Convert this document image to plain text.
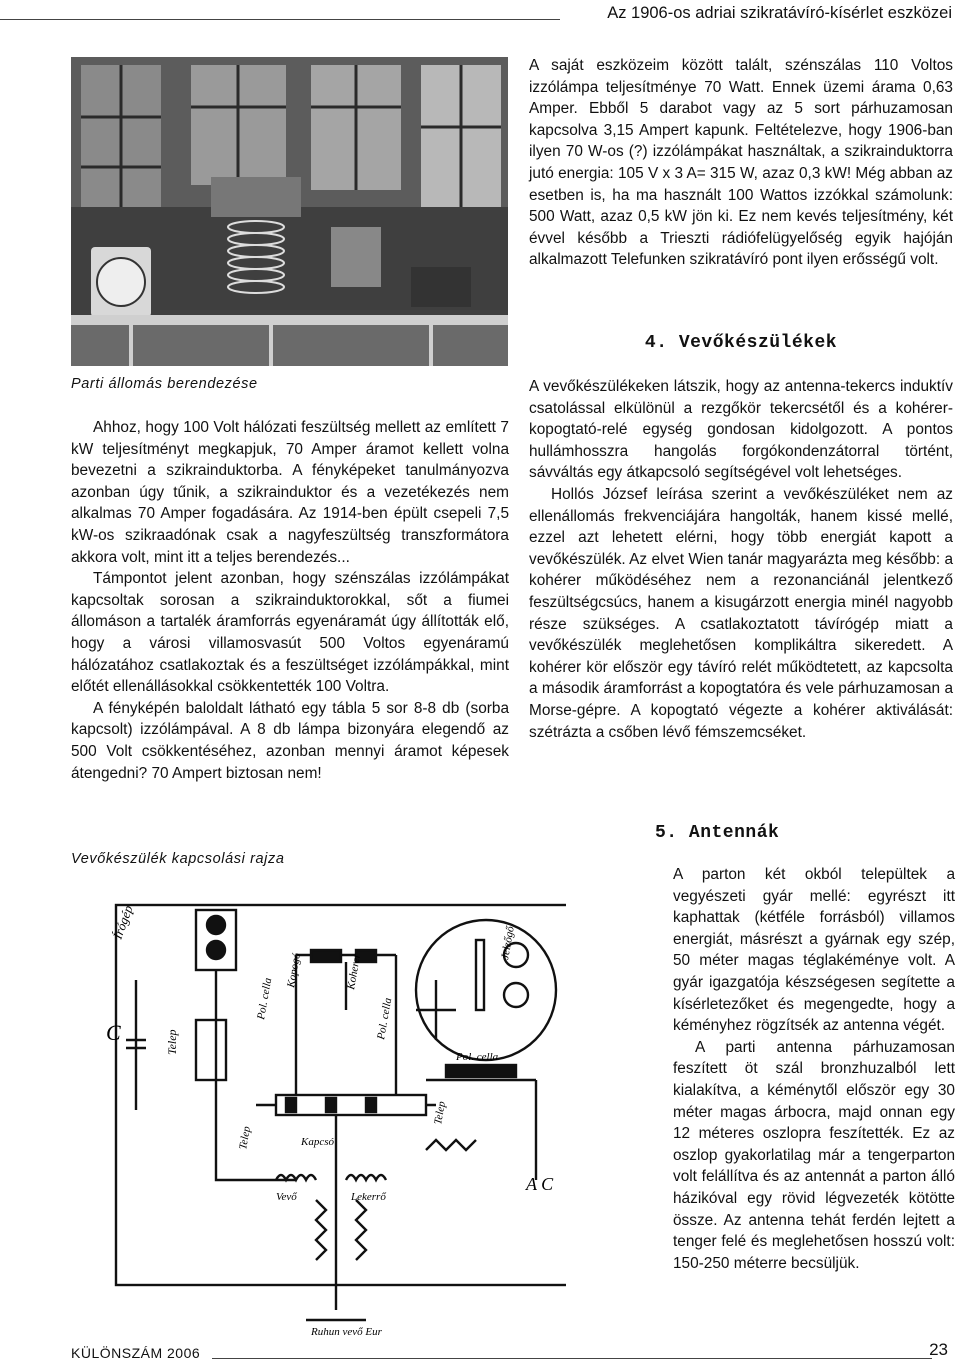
Az 1906-os adriai szikratávíró-kísérlet eszközei
Parti állomás berendezése

A saját eszközeim között talált, szénszálas 110 Voltos izzólámpa teljesítménye 70 Watt. Ennek üzemi árama 0,63 Amper. Ebből 5 darabot vagy az 5 sort párhuzamosan kapcsolva 3,15 Ampert kapunk. Feltételezve, hogy 1906-ban ilyen 70 W-os (?) izzólámpákat használtak, a szikrainduktorra jutó energia: 105 V x 3 A= 315 W, azaz 0,3 kW! Még abban az esetben is, ha ma használt 100 Wattos izzókkal számolunk: 500 Watt, azaz 0,5 kW jön ki. Ez nem kevés teljesítmény, két évvel később a Trieszti rádiófelügyelőség egyik hajóján alkalmazott Telefunken szikratávíró pont ilyen erősségű volt.

Ahhoz, hogy 100 Volt hálózati feszültség mellett az említett 7 kW teljesítményt megkapjuk, 70 Amper áramot kellett volna bevezetni a szikrainduktorba. A fényképeket tanulmányozva azonban úgy tűnik, a szikrainduktor és a vezetékezés nem alkalmas 70 Amper fogadására. Az 1914-ben épült csepeli 7,5 kW-os szikraadónak csak a nagyfeszültség transzformátora akkora volt, mint itt a teljes berendezés...

Támpontot jelent azonban, hogy szénszálas izzólámpákat kapcsoltak sorosan a szikrainduktorokkal, sőt a fiumei állomáson a tartalék áramforrás egyenáramát úgy állították elő, hogy a városi villamosvasút 500 Voltos egyenáramú hálózatához csatlakoztak és a feszültséget izzólámpákkal, mint előtét ellenállásokkal csökkentették 100 Voltra.

A fényképén baloldalt látható egy tábla 5 sor 8-8 db (sorba kapcsolt) izzólámpával. A 8 db lámpa bizonyára elegendő az 500 Volt csökkentéséhez, azonban mennyi áramot képesek átengedni? 70 Ampert biztosan nem!

4. Vevőkészülékek

A vevőkészülékeken látszik, hogy az antenna-tekercs induktív csatolással elkülönül a rezgőkör tekercsétől és a kohérer-kopogtató-relé egység gondosan kidolgozott. A pontos hullámhosszra hangolás forgókondenzátorral történt, sávváltás egy átkapcsoló segítségével volt lehetséges.

Hollós József leírása szerint a vevőkészüléket nem az ellenállomás frekvenciájára hangolták, hanem kissé mellé, ezzel azt lehetett elérni, hogy több energiát kapott a vevőkészülék. Az elvet Wien tanár magyarázta meg később: a kohérer működéséhez nem a rezonanciánál jelentkező feszültségcsúcs, hanem a kisugárzott energia minél nagyobb része szükséges. A csatlakoztatott távírógép miatt a vevőkészülék meglehetősen komplikáltra sikeredett. A kohérer kör először egy távíró relét működtetett, az kapcsolta a második áramforrást a kopogtatóra és vele párhuzamosan a Morse-gépre. A kopogtató végezte a kohérer aktiválását: szétrázta a csőben lévő fémszemcséket.

Vevőkészülék kapcsolási rajza
Írógép
C	Telep
Kopogó
Pol. cella
Koherer
Pol. cella
Pol. cella
Jelzőgő
Telep
Telep
Vevő	Lekerrő
Kapcsó
A C
Ruhun vevő Eur
5. Antennák

A parton két okból települtek a vegyészeti gyár mellé: egyrészt itt kaphattak (kétféle forrásból) villamos energiát, másrészt a gyárnak egy szép, 50 méter magas téglakéménye volt. A gyár igazgatója készségesen segítette a kísérletezőket és megengedte, hogy a kéményhez rögzítsék az antenna végét.

A parti antenna párhuzamosan feszített öt szál bronzhuzalból lett kialakítva, a kéménytől először egy 30 méter magas árbocra, majd onnan egy 12 méteres oszlopra feszítették. Ez az oszlop gyakorlatilag már a tengerparton volt felállítva és az antennát a parton álló házikóval egy rövid légvezeték kötötte össze. Az antenna tehát ferdén lejtett a tenger felé és meglehetősen hosszú volt: 150-250 méterre becsüljük.

KÜLÖNSZÁM 2006	23
